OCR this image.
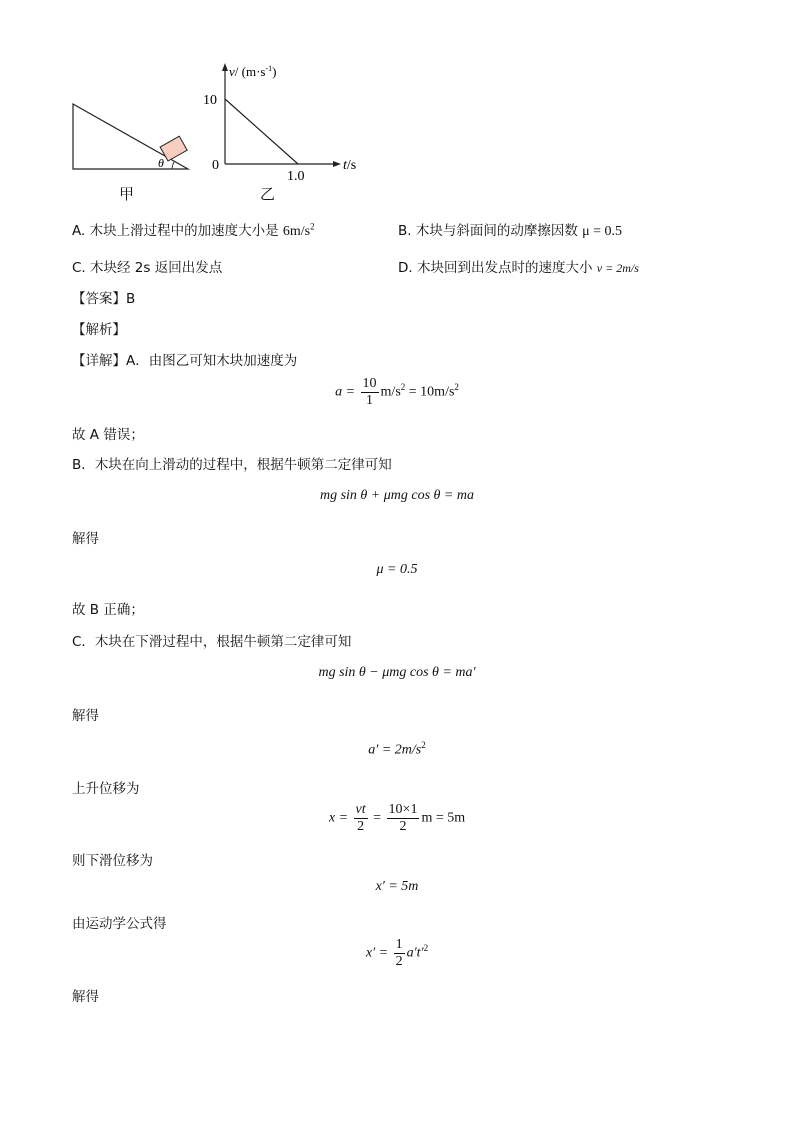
θ
甲
10
0
1.0
v/ $(m\cdot s^{-1})$
t/s
乙
A. 木块上滑过程中的加速度大小是 $6m/s^2$	B. 木块与斜面间的动摩擦因数 μ = 0.5
C. 木块经 2s 返回出发点	D. 木块回到出发点时的速度大小 v = 2m/s
【答案】B
【解析】
【详解】A．由图乙可知木块加速度为
$a = \frac{10}{1} m/s^2 = 10m/s^2$
故 A 错误；
B．木块在向上滑动的过程中，根据牛顿第二定律可知
mg sin θ + μmg cos θ = ma
解得
μ = 0.5
故 B 正确；
C．木块在下滑过程中，根据牛顿第二定律可知
mg sin θ − μmg cos θ = ma′
解得
$a' = 2m/s^2$
上升位移为
$x = \frac{vt}{2} = \frac{10\times 1}{2}$ m = 5m
则下滑位移为
x′ = 5m
由运动学公式得
$x' = \frac{1}{2} a't'^2$
解得
